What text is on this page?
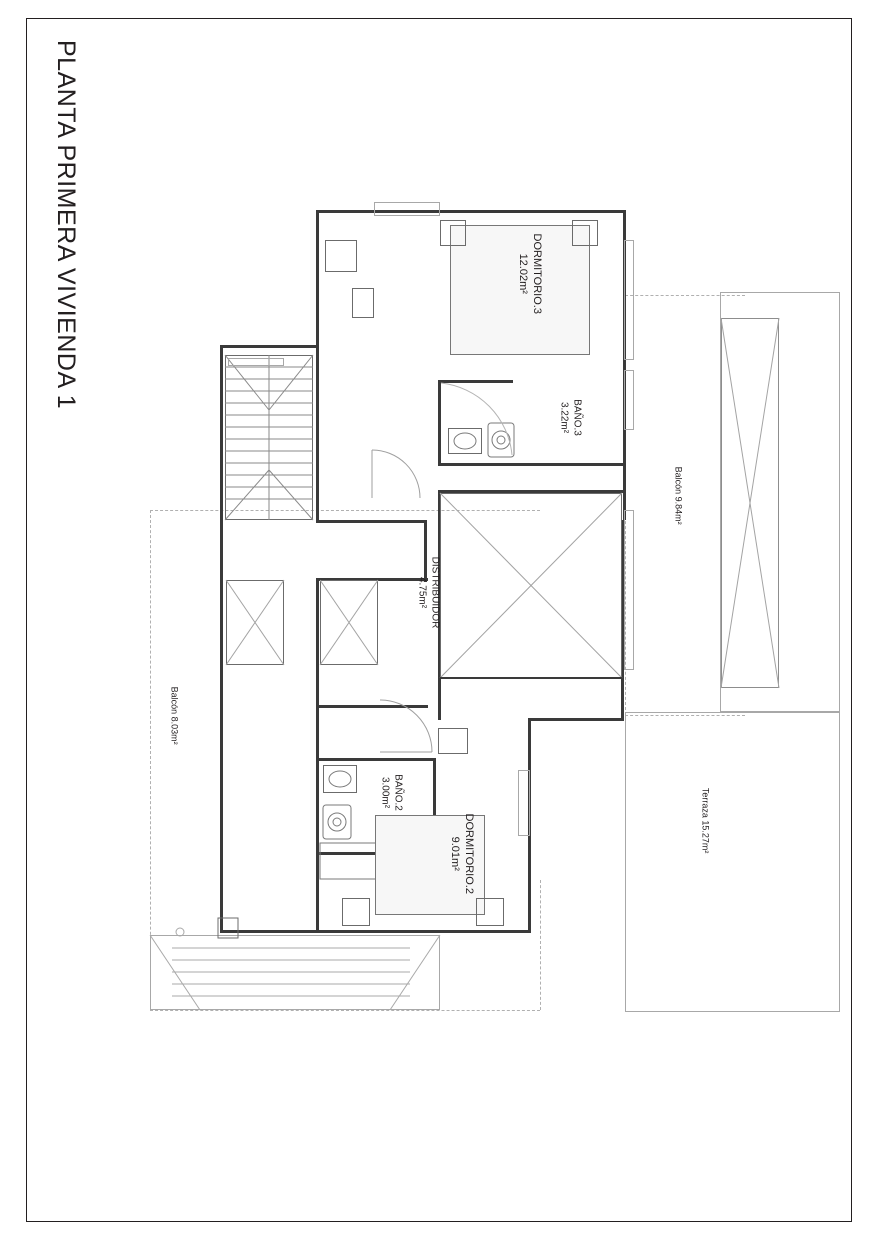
PLANTA PRIMERA VIVIENDA 1	DORMITORIO.3
12.02m²
BAÑO.3
3.22m²
DISTRIBUIDOR
4.75m²
BAÑO.2
3.00m²
DORMITORIO.2
9.01m²
Balcón 9.84m²
Balcón 8.03m²
Terraza 15.27m²
